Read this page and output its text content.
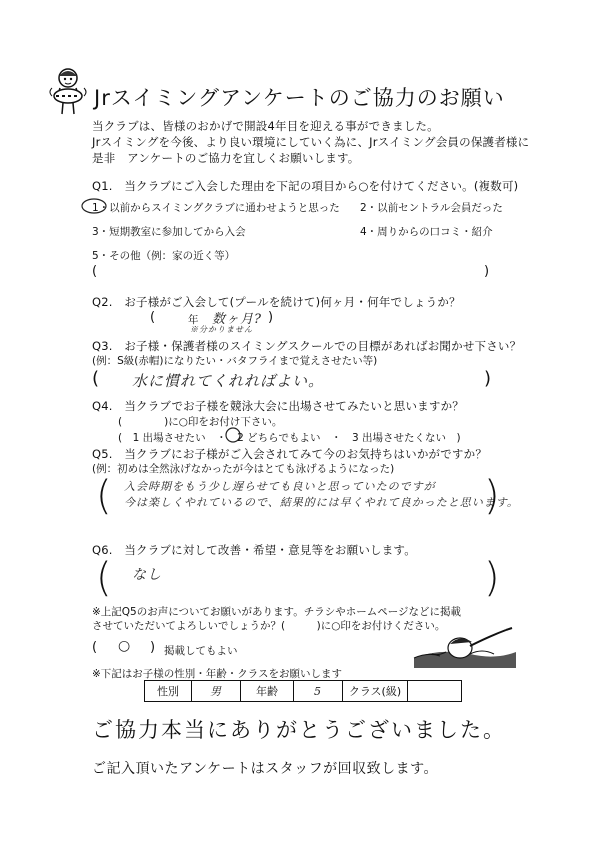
Jrスイミングアンケートのご協力のお願い
当クラブは、皆様のおかげで開設4年目を迎える事ができました。
Jrスイミングを今後、より良い環境にしていく為に、Jrスイミング会員の保護者様に
是非　アンケートのご協力を宜しくお願いします。
Q1.　当クラブにご入会した理由を下記の項目から○を付けてください。(複数可)
1・以前からスイミングクラブに通わせようと思った 2・以前セントラル会員だった
3・短期教室に参加してから入会	4・周りからの口コミ・紹介
5・その他（例：家の近く等）
(	)
Q2.　お子様がご入会して(プールを続けて)何ヶ月・何年でしょうか？
(	年 数ヶ月? )
※分かりません
Q3.　お子様・保護者様のスイミングスクールでの目標があればお聞かせ下さい？
(例：S級(赤帽)になりたい・バタフライまで覚えさせたい等)
( 水に慣れてくれればよい。	)
Q4.　当クラブでお子様を競泳大会に出場させてみたいと思いますか？
(　　　　)に○印をお付け下さい。
(　1 出場させたい　・　2 どちらでもよい　・　3 出場させたくない　)
Q5.　当クラブにお子様がご入会されてみて今のお気持ちはいかがですか？
(例：初めは全然泳げなかったが今はとても泳げるようになった)
( 入会時期をもう少し遅らせても良いと思っていたのですが
今は楽しくやれているので、結果的には早くやれて良かったと思います。
)
Q6.　当クラブに対して改善・希望・意見等をお願いします。
( なし	)
※上記Q5のお声についてお願いがあります。チラシやホームページなどに掲載
させていただいてよろしいでしょうか？(　　　)に○印をお付けください。
( ○ ) 掲載してもよい
※下記はお子様の性別・年齢・クラスをお願いします
性別	男	年齢	5	クラス(級)	
ご協力本当にありがとうございました。
ご記入頂いたアンケートはスタッフが回収致します。
